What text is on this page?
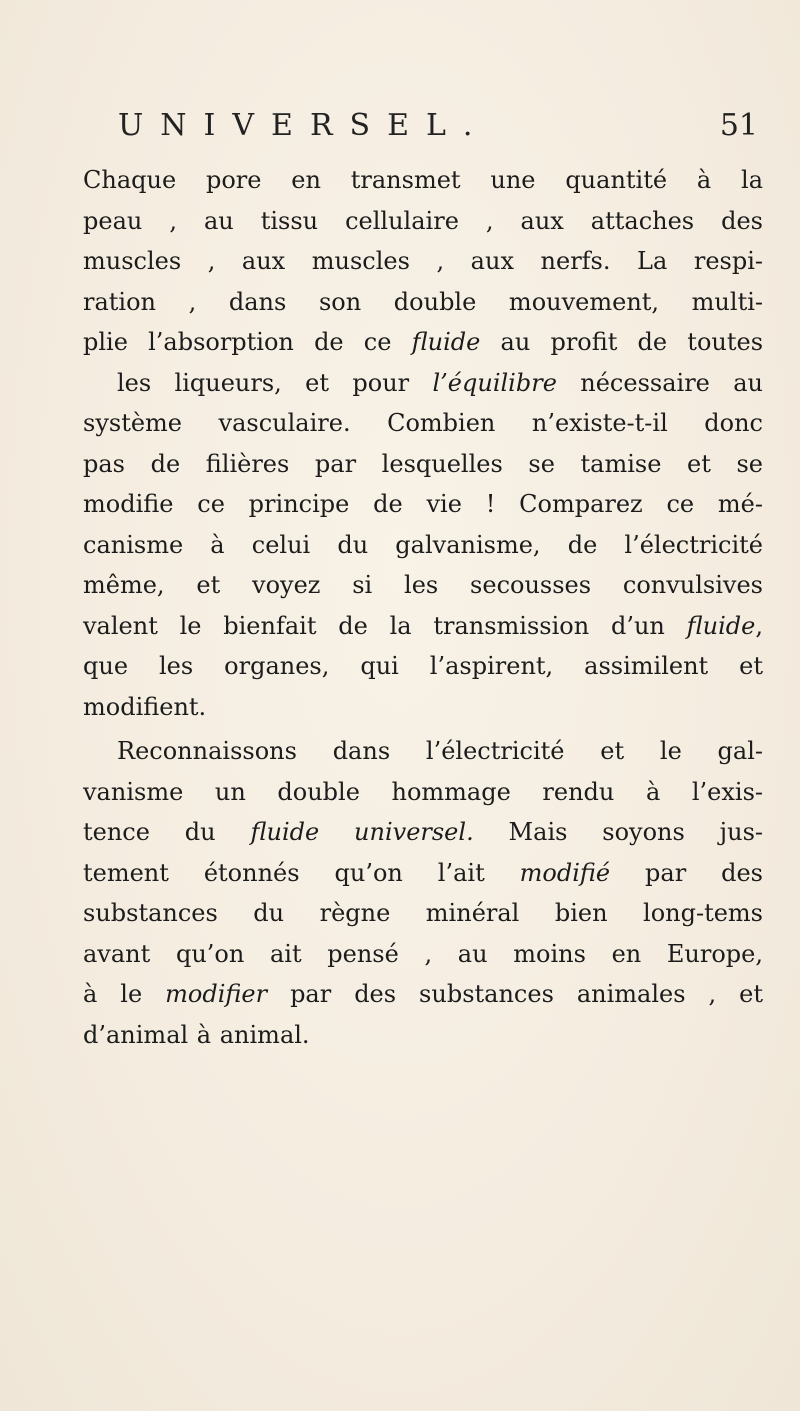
UNIVERSEL.	51
Chaque pore en transmet une quantité à la
peau , au tissu cellulaire , aux attaches des
muscles , aux muscles , aux nerfs. La respi-
ration , dans son double mouvement, multi-
plie l’absorption de ce fluide au profit de toutes
les liqueurs, et pour l’équilibre nécessaire au
système vasculaire. Combien n’existe-t-il donc
pas de filières par lesquelles se tamise et se
modifie ce principe de vie ! Comparez ce mé-
canisme à celui du galvanisme, de l’électricité
même, et voyez si les secousses convulsives
valent le bienfait de la transmission d’un fluide,
que les organes, qui l’aspirent, assimilent et
modifient.
Reconnaissons dans l’électricité et le gal-
vanisme un double hommage rendu à l’exis-
tence du fluide universel. Mais soyons jus-
tement étonnés qu’on l’ait modifié par des
substances du règne minéral bien long-tems
avant qu’on ait pensé , au moins en Europe,
à le modifier par des substances animales , et
d’animal à animal.
